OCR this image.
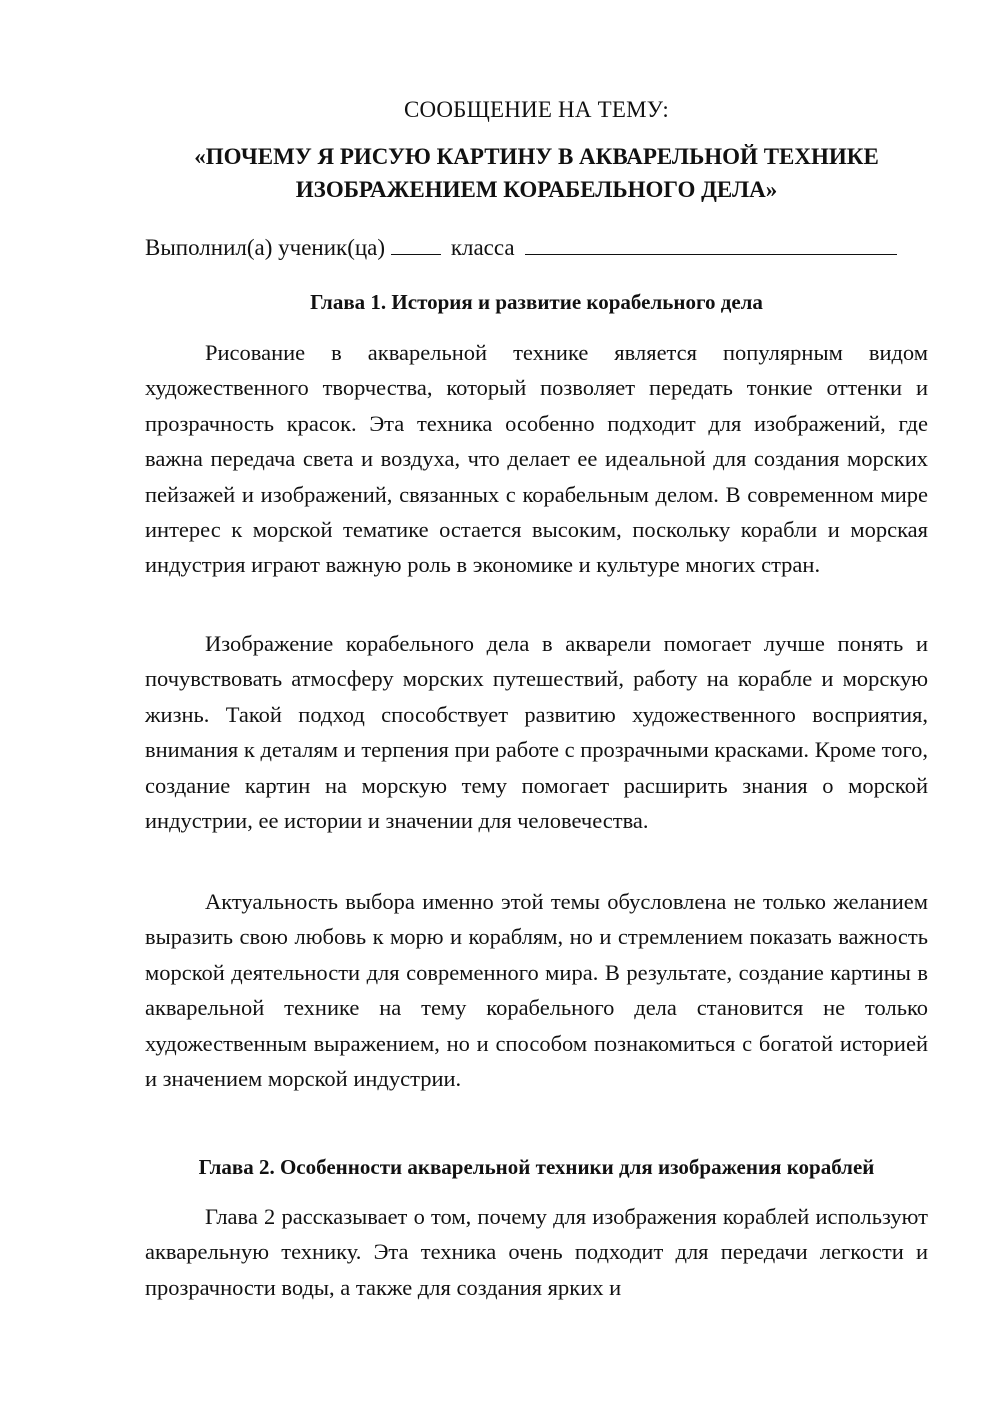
СООБЩЕНИЕ НА ТЕМУ:
«ПОЧЕМУ Я РИСУЮ КАРТИНУ В АКВАРЕЛЬНОЙ ТЕХНИКЕ
ИЗОБРАЖЕНИЕМ КОРАБЕЛЬНОГО ДЕЛА»
Выполнил(а) ученик(ца)	класса
Глава 1. История и развитие корабельного дела

Рисование в акварельной технике является популярным видом художественного творчества, который позволяет передать тонкие оттенки и прозрачность красок. Эта техника особенно подходит для изображений, где важна передача света и воздуха, что делает ее идеальной для создания морских пейзажей и изображений, связанных с корабельным делом. В современном мире интерес к морской тематике остается высоким, поскольку корабли и морская индустрия играют важную роль в экономике и культуре многих стран.

Изображение корабельного дела в акварели помогает лучше понять и почувствовать атмосферу морских путешествий, работу на корабле и морскую жизнь. Такой подход способствует развитию художественного восприятия, внимания к деталям и терпения при работе с прозрачными красками. Кроме того, создание картин на морскую тему помогает расширить знания о морской индустрии, ее истории и значении для человечества.

Актуальность выбора именно этой темы обусловлена не только желанием выразить свою любовь к морю и кораблям, но и стремлением показать важность морской деятельности для современного мира. В результате, создание картины в акварельной технике на тему корабельного дела становится не только художественным выражением, но и способом познакомиться с богатой историей и значением морской индустрии.

Глава 2. Особенности акварельной техники для изображения кораблей

Глава 2 рассказывает о том, почему для изображения кораблей используют акварельную технику. Эта техника очень подходит для передачи легкости и прозрачности воды, а также для создания ярких и
